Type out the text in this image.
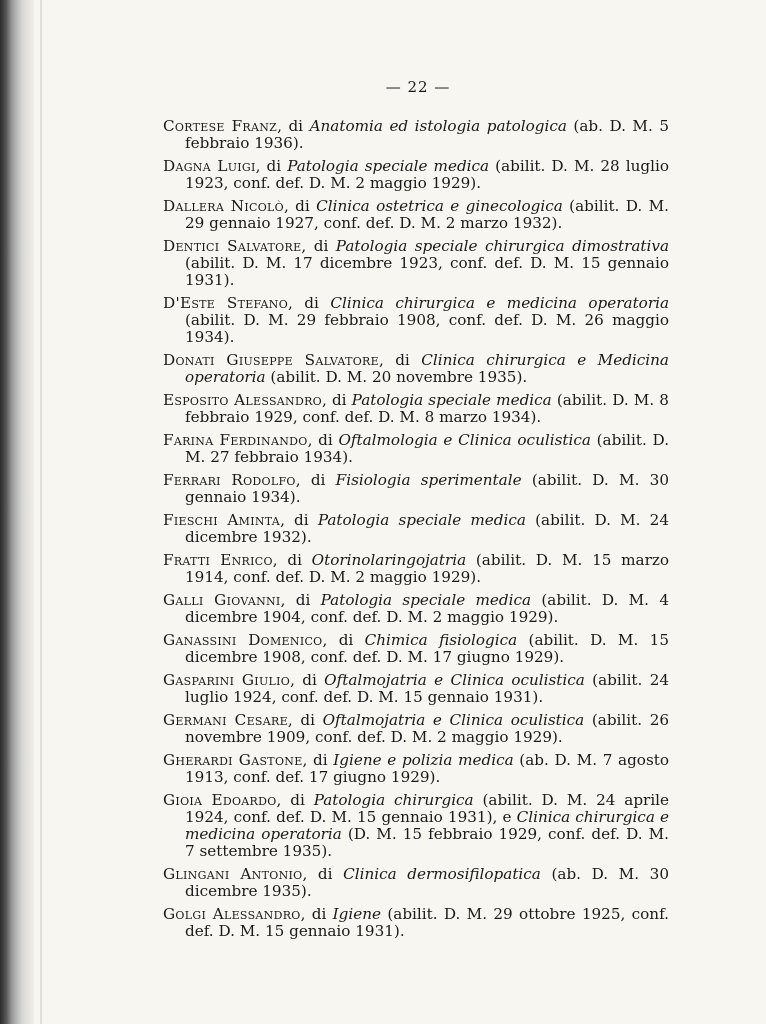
— 22 —

Cortese Franz, di Anatomia ed istologia patologica (ab. D. M. 5 febbraio 1936).

Dagna Luigi, di Patologia speciale medica (abilit. D. M. 28 luglio 1923, conf. def. D. M. 2 maggio 1929).

Dallera Nicolò, di Clinica ostetrica e ginecologica (abilit. D. M. 29 gennaio 1927, conf. def. D. M. 2 marzo 1932).

Dentici Salvatore, di Patologia speciale chirurgica dimostrativa (abilit. D. M. 17 dicembre 1923, conf. def. D. M. 15 gennaio 1931).

D'Este Stefano, di Clinica chirurgica e medicina operatoria (abilit. D. M. 29 febbraio 1908, conf. def. D. M. 26 maggio 1934).

Donati Giuseppe Salvatore, di Clinica chirurgica e Medicina operatoria (abilit. D. M. 20 novembre 1935).

Esposito Alessandro, di Patologia speciale medica (abilit. D. M. 8 febbraio 1929, conf. def. D. M. 8 marzo 1934).

Farina Ferdinando, di Oftalmologia e Clinica oculistica (abilit. D. M. 27 febbraio 1934).

Ferrari Rodolfo, di Fisiologia sperimentale (abilit. D. M. 30 gennaio 1934).

Fieschi Aminta, di Patologia speciale medica (abilit. D. M. 24 dicembre 1932).

Fratti Enrico, di Otorinolaringojatria (abilit. D. M. 15 marzo 1914, conf. def. D. M. 2 maggio 1929).

Galli Giovanni, di Patologia speciale medica (abilit. D. M. 4 dicembre 1904, conf. def. D. M. 2 maggio 1929).

Ganassini Domenico, di Chimica fisiologica (abilit. D. M. 15 dicembre 1908, conf. def. D. M. 17 giugno 1929).

Gasparini Giulio, di Oftalmojatria e Clinica oculistica (abilit. 24 luglio 1924, conf. def. D. M. 15 gennaio 1931).

Germani Cesare, di Oftalmojatria e Clinica oculistica (abilit. 26 novembre 1909, conf. def. D. M. 2 maggio 1929).

Gherardi Gastone, di Igiene e polizia medica (ab. D. M. 7 agosto 1913, conf. def. 17 giugno 1929).

Gioia Edoardo, di Patologia chirurgica (abilit. D. M. 24 aprile 1924, conf. def. D. M. 15 gennaio 1931), e Clinica chirurgica e medicina operatoria (D. M. 15 febbraio 1929, conf. def. D. M. 7 settembre 1935).

Glingani Antonio, di Clinica dermosifilopatica (ab. D. M. 30 dicembre 1935).

Golgi Alessandro, di Igiene (abilit. D. M. 29 ottobre 1925, conf. def. D. M. 15 gennaio 1931).
